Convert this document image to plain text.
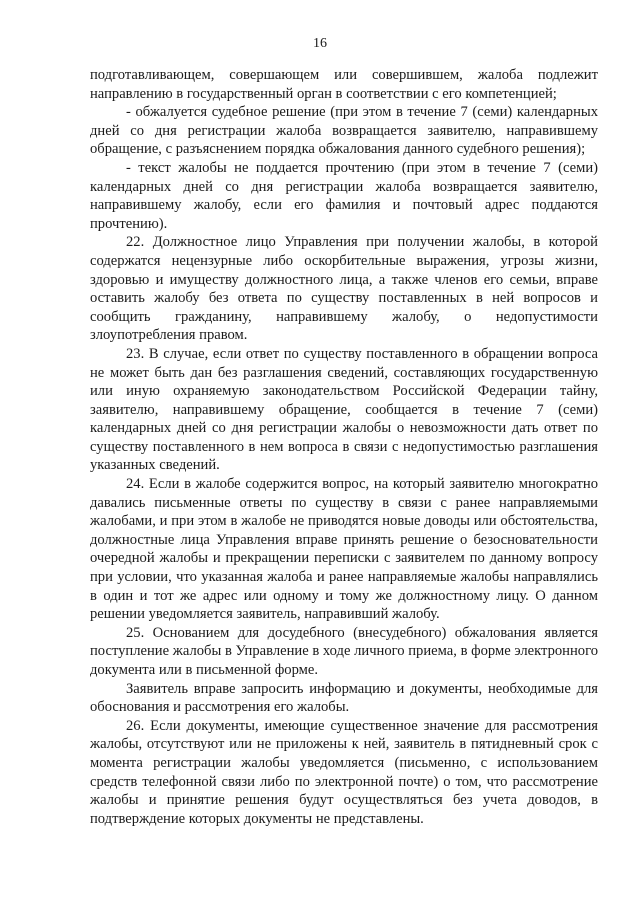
16

подготавливающем, совершающем или совершившем, жалоба подлежит направлению в государственный орган в соответствии с его компетенцией;

- обжалуется судебное решение (при этом в течение 7 (семи) календарных дней со дня регистрации жалоба возвращается заявителю, направившему обращение, с разъяснением порядка обжалования данного судебного решения);

- текст жалобы не поддается прочтению (при этом в течение 7 (семи) календарных дней со дня регистрации жалоба возвращается заявителю, направившему жалобу, если его фамилия и почтовый адрес поддаются прочтению).

22. Должностное лицо Управления при получении жалобы, в которой содержатся нецензурные либо оскорбительные выражения, угрозы жизни, здоровью и имуществу должностного лица, а также членов его семьи, вправе оставить жалобу без ответа по существу поставленных в ней вопросов и сообщить гражданину, направившему жалобу, о недопустимости злоупотребления правом.

23. В случае, если ответ по существу поставленного в обращении вопроса не может быть дан без разглашения сведений, составляющих государственную или иную охраняемую законодательством Российской Федерации тайну, заявителю, направившему обращение, сообщается в течение 7 (семи) календарных дней со дня регистрации жалобы о невозможности дать ответ по существу поставленного в нем вопроса в связи с недопустимостью разглашения указанных сведений.

24. Если в жалобе содержится вопрос, на который заявителю многократно давались письменные ответы по существу в связи с ранее направляемыми жалобами, и при этом в жалобе не приводятся новые доводы или обстоятельства, должностные лица Управления вправе принять решение о безосновательности очередной жалобы и прекращении переписки с заявителем по данному вопросу при условии, что указанная жалоба и ранее направляемые жалобы направлялись в один и тот же адрес или одному и тому же должностному лицу. О данном решении уведомляется заявитель, направивший жалобу.

25. Основанием для досудебного (внесудебного) обжалования является поступление жалобы в Управление в ходе личного приема, в форме электронного документа или в письменной форме.

Заявитель вправе запросить информацию и документы, необходимые для обоснования и рассмотрения его жалобы.

26. Если документы, имеющие существенное значение для рассмотрения жалобы, отсутствуют или не приложены к ней, заявитель в пятидневный срок с момента регистрации жалобы уведомляется (письменно, с использованием средств телефонной связи либо по электронной почте) о том, что рассмотрение жалобы и принятие решения будут осуществляться без учета доводов, в подтверждение которых документы не представлены.
